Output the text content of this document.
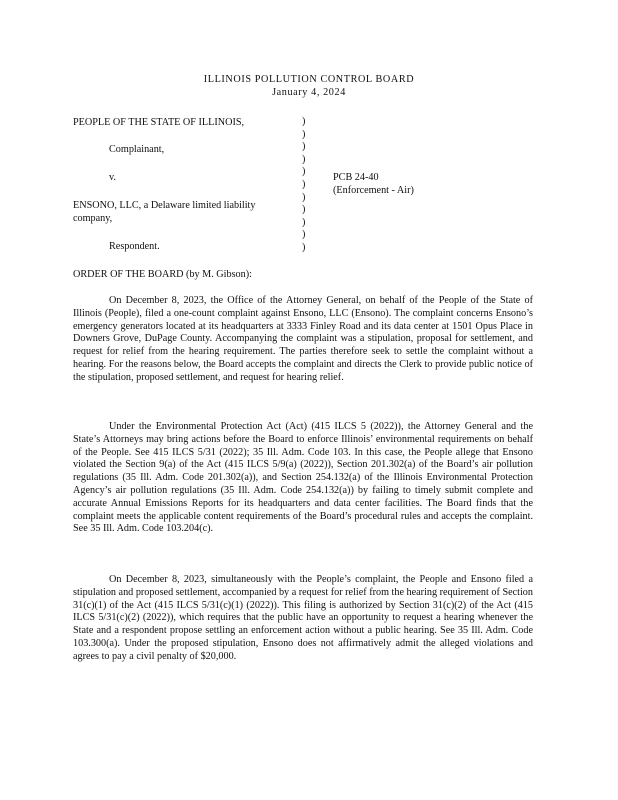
ILLINOIS POLLUTION CONTROL BOARD
January 4, 2024
PEOPLE OF THE STATE OF ILLINOIS,
Complainant,
v.
ENSONO, LLC, a Delaware limited liability
company,
Respondent.
PCB 24-40
(Enforcement - Air)
)
)
)
)
)
)
)
)
)
)
)
ORDER OF THE BOARD (by M. Gibson):
On December 8, 2023, the Office of the Attorney General, on behalf of the People of the State of Illinois (People), filed a one-count complaint against Ensono, LLC (Ensono). The complaint concerns Ensono’s emergency generators located at its headquarters at 3333 Finley Road and its data center at 1501 Opus Place in Downers Grove, DuPage County. Accompanying the complaint was a stipulation, proposal for settlement, and request for relief from the hearing requirement. The parties therefore seek to settle the complaint without a hearing. For the reasons below, the Board accepts the complaint and directs the Clerk to provide public notice of the stipulation, proposed settlement, and request for hearing relief.
Under the Environmental Protection Act (Act) (415 ILCS 5 (2022)), the Attorney General and the State’s Attorneys may bring actions before the Board to enforce Illinois’ environmental requirements on behalf of the People. See 415 ILCS 5/31 (2022); 35 Ill. Adm. Code 103. In this case, the People allege that Ensono violated the Section 9(a) of the Act (415 ILCS 5/9(a) (2022)), Section 201.302(a) of the Board’s air pollution regulations (35 Ill. Adm. Code 201.302(a)), and Section 254.132(a) of the Illinois Environmental Protection Agency’s air pollution regulations (35 Ill. Adm. Code 254.132(a)) by failing to timely submit complete and accurate Annual Emissions Reports for its headquarters and data center facilities. The Board finds that the complaint meets the applicable content requirements of the Board’s procedural rules and accepts the complaint. See 35 Ill. Adm. Code 103.204(c).
On December 8, 2023, simultaneously with the People’s complaint, the People and Ensono filed a stipulation and proposed settlement, accompanied by a request for relief from the hearing requirement of Section 31(c)(1) of the Act (415 ILCS 5/31(c)(1) (2022)). This filing is authorized by Section 31(c)(2) of the Act (415 ILCS 5/31(c)(2) (2022)), which requires that the public have an opportunity to request a hearing whenever the State and a respondent propose settling an enforcement action without a public hearing. See 35 Ill. Adm. Code 103.300(a). Under the proposed stipulation, Ensono does not affirmatively admit the alleged violations and agrees to pay a civil penalty of $20,000.
